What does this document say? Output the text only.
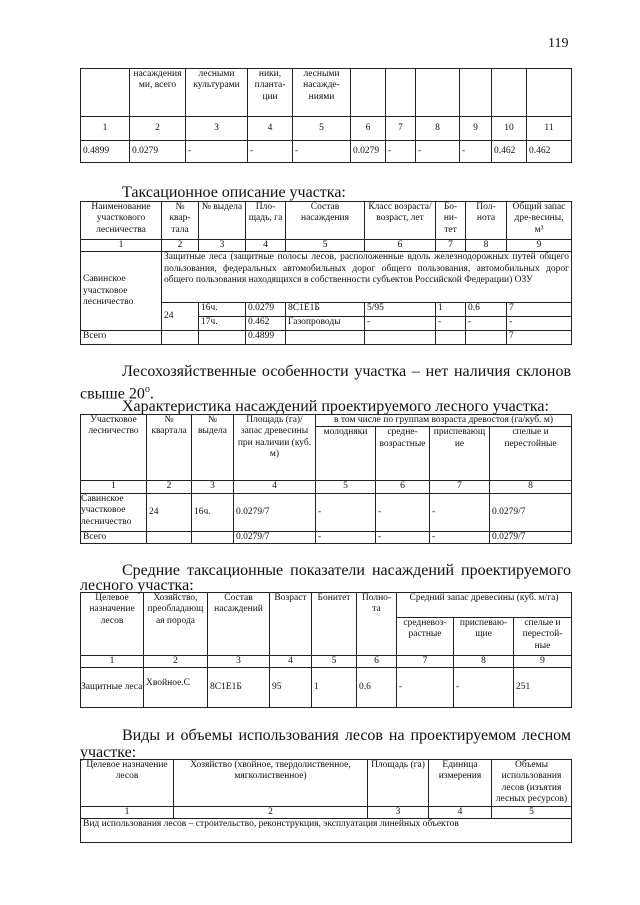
119
	насаждения ми, всего	лесными культурами	ники, планта-ции	лесными насажде-ниями						
1	2	3	4	5	6	7	8	9	10	11
0.4899	0.0279	-	-	-	0.0279	-	-	-	0.462	0.462
Таксационное описание участка:
Наименование участкового лесничества	№ квар-тала	№ выдела	Пло-щадь, га	Состав насаждения	Класс возраста/ возраст, лет	Бо-ни-тет	Пол-нота	Общий запас дре-весины, м³
1	2	3	4	5	6	7	8	9
Савинское участковое лесничество	Защитные леса (защитные полосы лесов, расположенные вдоль железнодорожных путей общего пользования, федеральных автомобильных дорог общего пользования, автомобильных дорог общего пользования находящихся в собственности субъектов Российской Федерации) ОЗУ							
	24	16ч.	0.0279	8С1Е1Б	5/95	1	0.6	7
		17ч.	0.462	Газопроводы	-	-	-	-
Всего			0.4899					7
Лесохозяйственные особенности участка – нет наличия склонов
свыше $20^о$.
Характеристика насаждений проектируемого лесного участка:
Участковое лесничество	№ квартала	№ выдела	Площадь (га)/ запас древесины при наличии (куб. м)	в том числе по группам возраста древостоя (га/куб. м)			
				молодняки	средне-возрастные	приспевающие	спелые и перестойные
1	2	3	4	5	6	7	8
Савинское участковое лесничество	24	16ч.	0.0279/7	-	-	-	0.0279/7
Всего			0.0279/7	-	-	-	0.0279/7
Средние таксационные показатели насаждений проектируемого
лесного участка:
Целевое назначение лесов	Хозяйство, преобладающая порода	Состав насаждений	Возраст	Бонитет	Полно-та	Средний запас древесины (куб. м/га)		
						средневоз-растные	приспеваю-щие	спелые и перестой-ные
1	2	3	4	5	6	7	8	9
Защитные леса	Хвойное.С	8С1Е1Б	95	1	0.6	-	-	251
Виды и объемы использования лесов на проектируемом лесном
участке:
Целевое назначение лесов	Хозяйство (хвойное, твердолиственное, мягколиственное)	Площадь (га)	Единица измерения	Объемы использования лесов (изъятия лесных ресурсов)
1	2	3	4	5
Вид использования лесов – строительство, реконструкция, эксплуатация линейных объектов				
